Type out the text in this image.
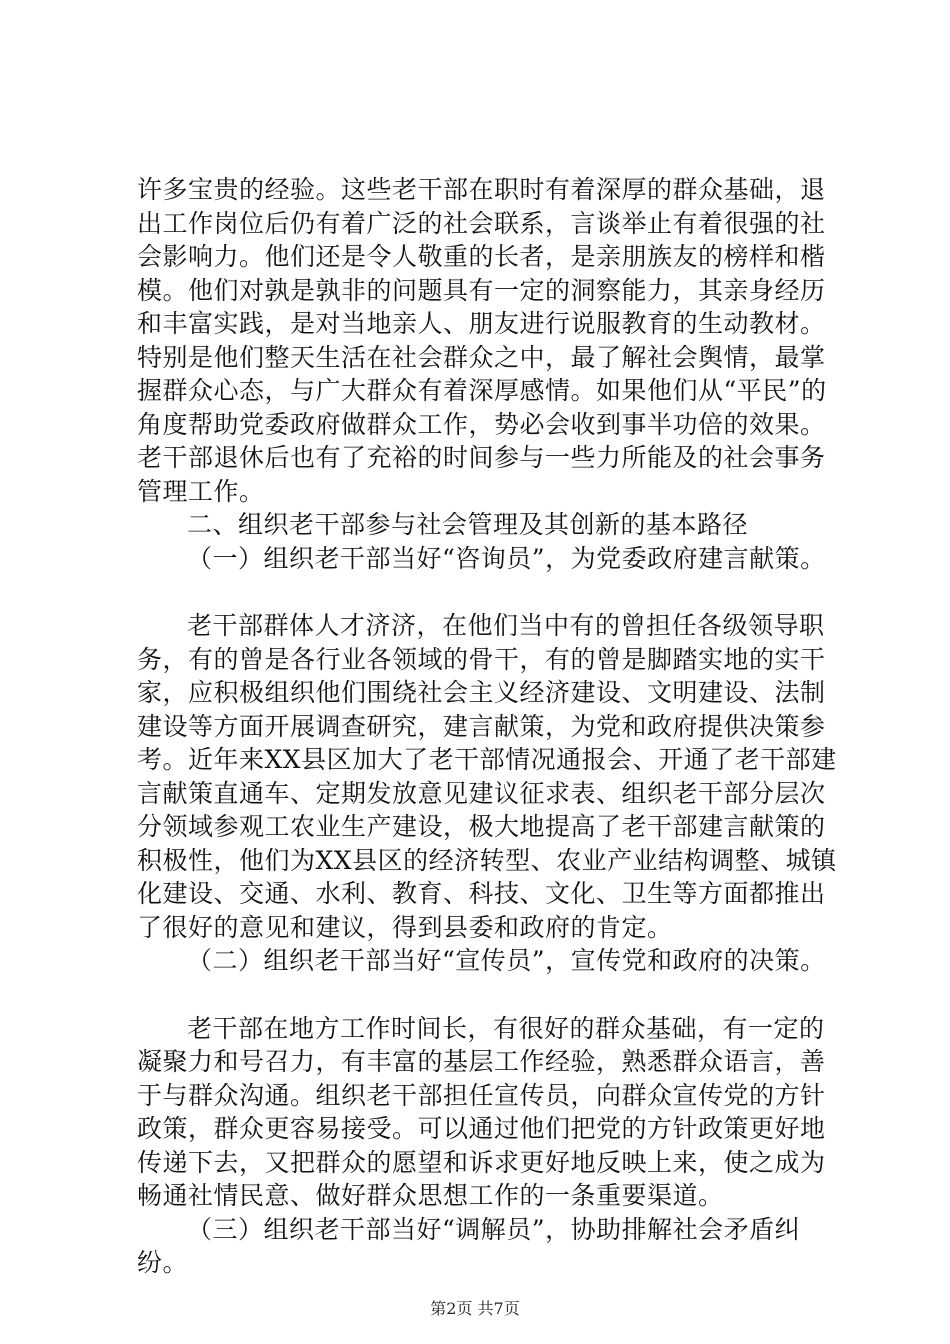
许多宝贵的经验。这些老干部在职时有着深厚的群众基础，退出工作岗位后仍有着广泛的社会联系，言谈举止有着很强的社会影响力。他们还是令人敬重的长者，是亲朋族友的榜样和楷模。他们对孰是孰非的问题具有一定的洞察能力，其亲身经历和丰富实践，是对当地亲人、朋友进行说服教育的生动教材。特别是他们整天生活在社会群众之中，最了解社会舆情，最掌握群众心态，与广大群众有着深厚感情。如果他们从“平民”的角度帮助党委政府做群众工作，势必会收到事半功倍的效果。老干部退休后也有了充裕的时间参与一些力所能及的社会事务管理工作。

二、组织老干部参与社会管理及其创新的基本路径

（一）组织老干部当好“咨询员”，为党委政府建言献策。

老干部群体人才济济，在他们当中有的曾担任各级领导职务，有的曾是各行业各领域的骨干，有的曾是脚踏实地的实干家，应积极组织他们围绕社会主义经济建设、文明建设、法制建设等方面开展调查研究，建言献策，为党和政府提供决策参考。近年来XX县区加大了老干部情况通报会、开通了老干部建言献策直通车、定期发放意见建议征求表、组织老干部分层次分领域参观工农业生产建设，极大地提高了老干部建言献策的积极性，他们为XX县区的经济转型、农业产业结构调整、城镇化建设、交通、水利、教育、科技、文化、卫生等方面都推出了很好的意见和建议，得到县委和政府的肯定。

（二）组织老干部当好“宣传员”，宣传党和政府的决策。

老干部在地方工作时间长，有很好的群众基础，有一定的凝聚力和号召力，有丰富的基层工作经验，熟悉群众语言，善于与群众沟通。组织老干部担任宣传员，向群众宣传党的方针政策，群众更容易接受。可以通过他们把党的方针政策更好地传递下去，又把群众的愿望和诉求更好地反映上来，使之成为畅通社情民意、做好群众思想工作的一条重要渠道。

（三）组织老干部当好“调解员”，协助排解社会矛盾纠纷。

第2页 共7页
